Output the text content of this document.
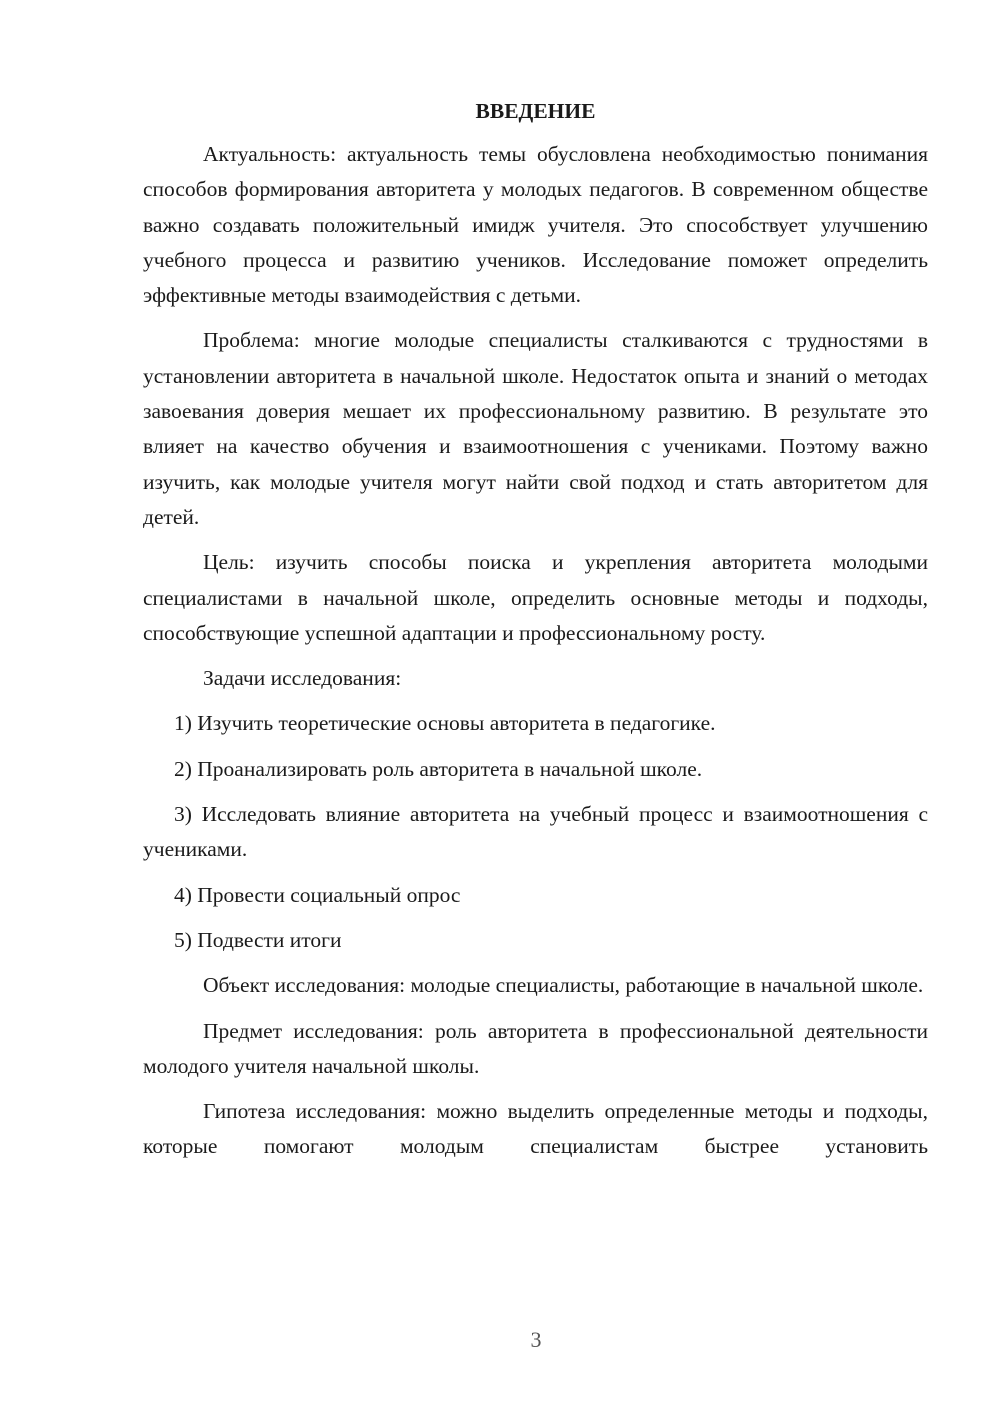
ВВЕДЕНИЕ

Актуальность: актуальность темы обусловлена необходимостью понимания способов формирования авторитета у молодых педагогов. В современном обществе важно создавать положительный имидж учителя. Это способствует улучшению учебного процесса и развитию учеников. Исследование поможет определить эффективные методы взаимодействия с детьми.

Проблема: многие молодые специалисты сталкиваются с трудностями в установлении авторитета в начальной школе. Недостаток опыта и знаний о методах завоевания доверия мешает их профессиональному развитию. В результате это влияет на качество обучения и взаимоотношения с учениками. Поэтому важно изучить, как молодые учителя могут найти свой подход и стать авторитетом для детей.

Цель: изучить способы поиска и укрепления авторитета молодыми специалистами в начальной школе, определить основные методы и подходы, способствующие успешной адаптации и профессиональному росту.

Задачи исследования:

1) Изучить теоретические основы авторитета в педагогике.

2) Проанализировать роль авторитета в начальной школе.

3) Исследовать влияние авторитета на учебный процесс и взаимоотношения с учениками.

4) Провести социальный опрос

5) Подвести итоги

Объект исследования: молодые специалисты, работающие в начальной школе.

Предмет исследования: роль авторитета в профессиональной деятельности молодого учителя начальной школы.

Гипотеза исследования: можно выделить определенные методы и подходы, которые помогают молодым специалистам быстрее установить

3
